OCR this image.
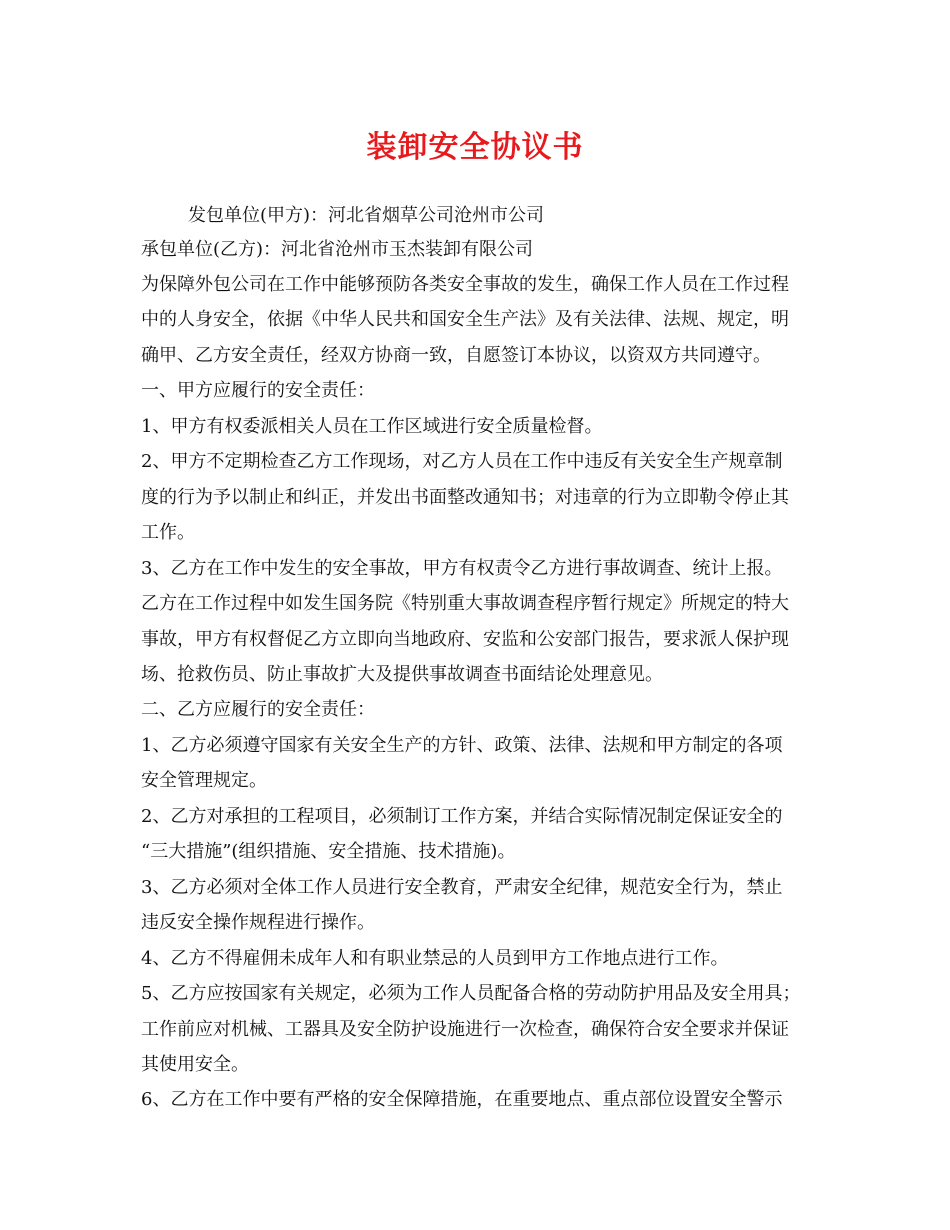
装卸安全协议书
发包单位(甲方)：河北省烟草公司沧州市公司
承包单位(乙方)：河北省沧州市玉杰装卸有限公司
为保障外包公司在工作中能够预防各类安全事故的发生，确保工作人员在工作过程
中的人身安全，依据《中华人民共和国安全生产法》及有关法律、法规、规定，明
确甲、乙方安全责任，经双方协商一致，自愿签订本协议，以资双方共同遵守。
一、甲方应履行的安全责任：
1、甲方有权委派相关人员在工作区域进行安全质量检督。
2、甲方不定期检查乙方工作现场，对乙方人员在工作中违反有关安全生产规章制
度的行为予以制止和纠正，并发出书面整改通知书；对违章的行为立即勒令停止其
工作。
3、乙方在工作中发生的安全事故，甲方有权责令乙方进行事故调查、统计上报。
乙方在工作过程中如发生国务院《特别重大事故调查程序暂行规定》所规定的特大
事故，甲方有权督促乙方立即向当地政府、安监和公安部门报告，要求派人保护现
场、抢救伤员、防止事故扩大及提供事故调查书面结论处理意见。
二、乙方应履行的安全责任：
1、乙方必须遵守国家有关安全生产的方针、政策、法律、法规和甲方制定的各项
安全管理规定。
2、乙方对承担的工程项目，必须制订工作方案，并结合实际情况制定保证安全的
“三大措施”(组织措施、安全措施、技术措施)。
3、乙方必须对全体工作人员进行安全教育，严肃安全纪律，规范安全行为，禁止
违反安全操作规程进行操作。
4、乙方不得雇佣未成年人和有职业禁忌的人员到甲方工作地点进行工作。
5、乙方应按国家有关规定，必须为工作人员配备合格的劳动防护用品及安全用具；
工作前应对机械、工器具及安全防护设施进行一次检查，确保符合安全要求并保证
其使用安全。
6、乙方在工作中要有严格的安全保障措施，在重要地点、重点部位设置安全警示
